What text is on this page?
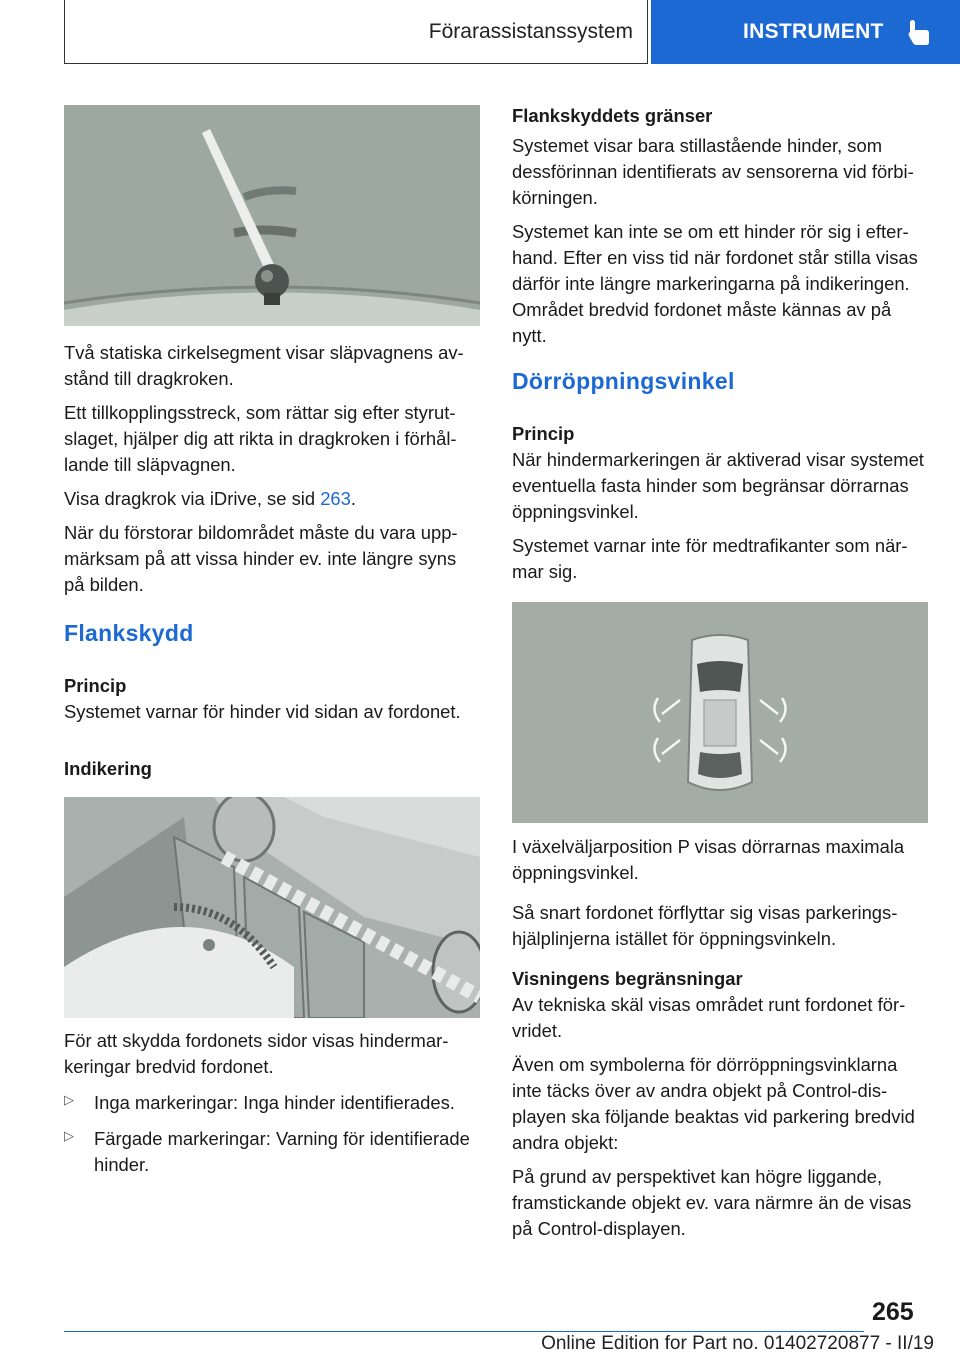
Förarassistanssystem	INSTRUMENT

Två statiska cirkelsegment visar släpvagnens avstånd till dragkroken.

Ett tillkopplingsstreck, som rättar sig efter styrutslaget, hjälper dig att rikta in dragkroken i förhållande till släpvagnen.

Visa dragkrok via iDrive, se sid 263.

När du förstorar bildområdet måste du vara uppmärksam på att vissa hinder ev. inte längre syns på bilden.

Flankskydd
Princip

Systemet varnar för hinder vid sidan av fordonet.

Indikering

För att skydda fordonets sidor visas hindermarkeringar bredvid fordonet.

▷	Inga markeringar: Inga hinder identifierades.

▷	Färgade markeringar: Varning för identifierade hinder.

Flankskyddets gränser

Systemet visar bara stillastående hinder, som dessförinnan identifierats av sensorerna vid förbikörningen.

Systemet kan inte se om ett hinder rör sig i efterhand. Efter en viss tid när fordonet står stilla visas därför inte längre markeringarna på indikeringen. Området bredvid fordonet måste kännas av på nytt.

Dörröppningsvinkel
Princip

När hindermarkeringen är aktiverad visar systemet eventuella fasta hinder som begränsar dörrarnas öppningsvinkel.

Systemet varnar inte för medtrafikanter som närmar sig.

I växelväljarposition P visas dörrarnas maximala öppningsvinkel.

Så snart fordonet förflyttar sig visas parkeringshjälplinjerna istället för öppningsvinkeln.

Visningens begränsningar

Av tekniska skäl visas området runt fordonet förvridet.

Även om symbolerna för dörröppningsvinklarna inte täcks över av andra objekt på Control-displayen ska följande beaktas vid parkering bredvid andra objekt:

På grund av perspektivet kan högre liggande, framstickande objekt ev. vara närmre än de visas på Control-displayen.

265
Online Edition for Part no. 01402720877 - II/19
